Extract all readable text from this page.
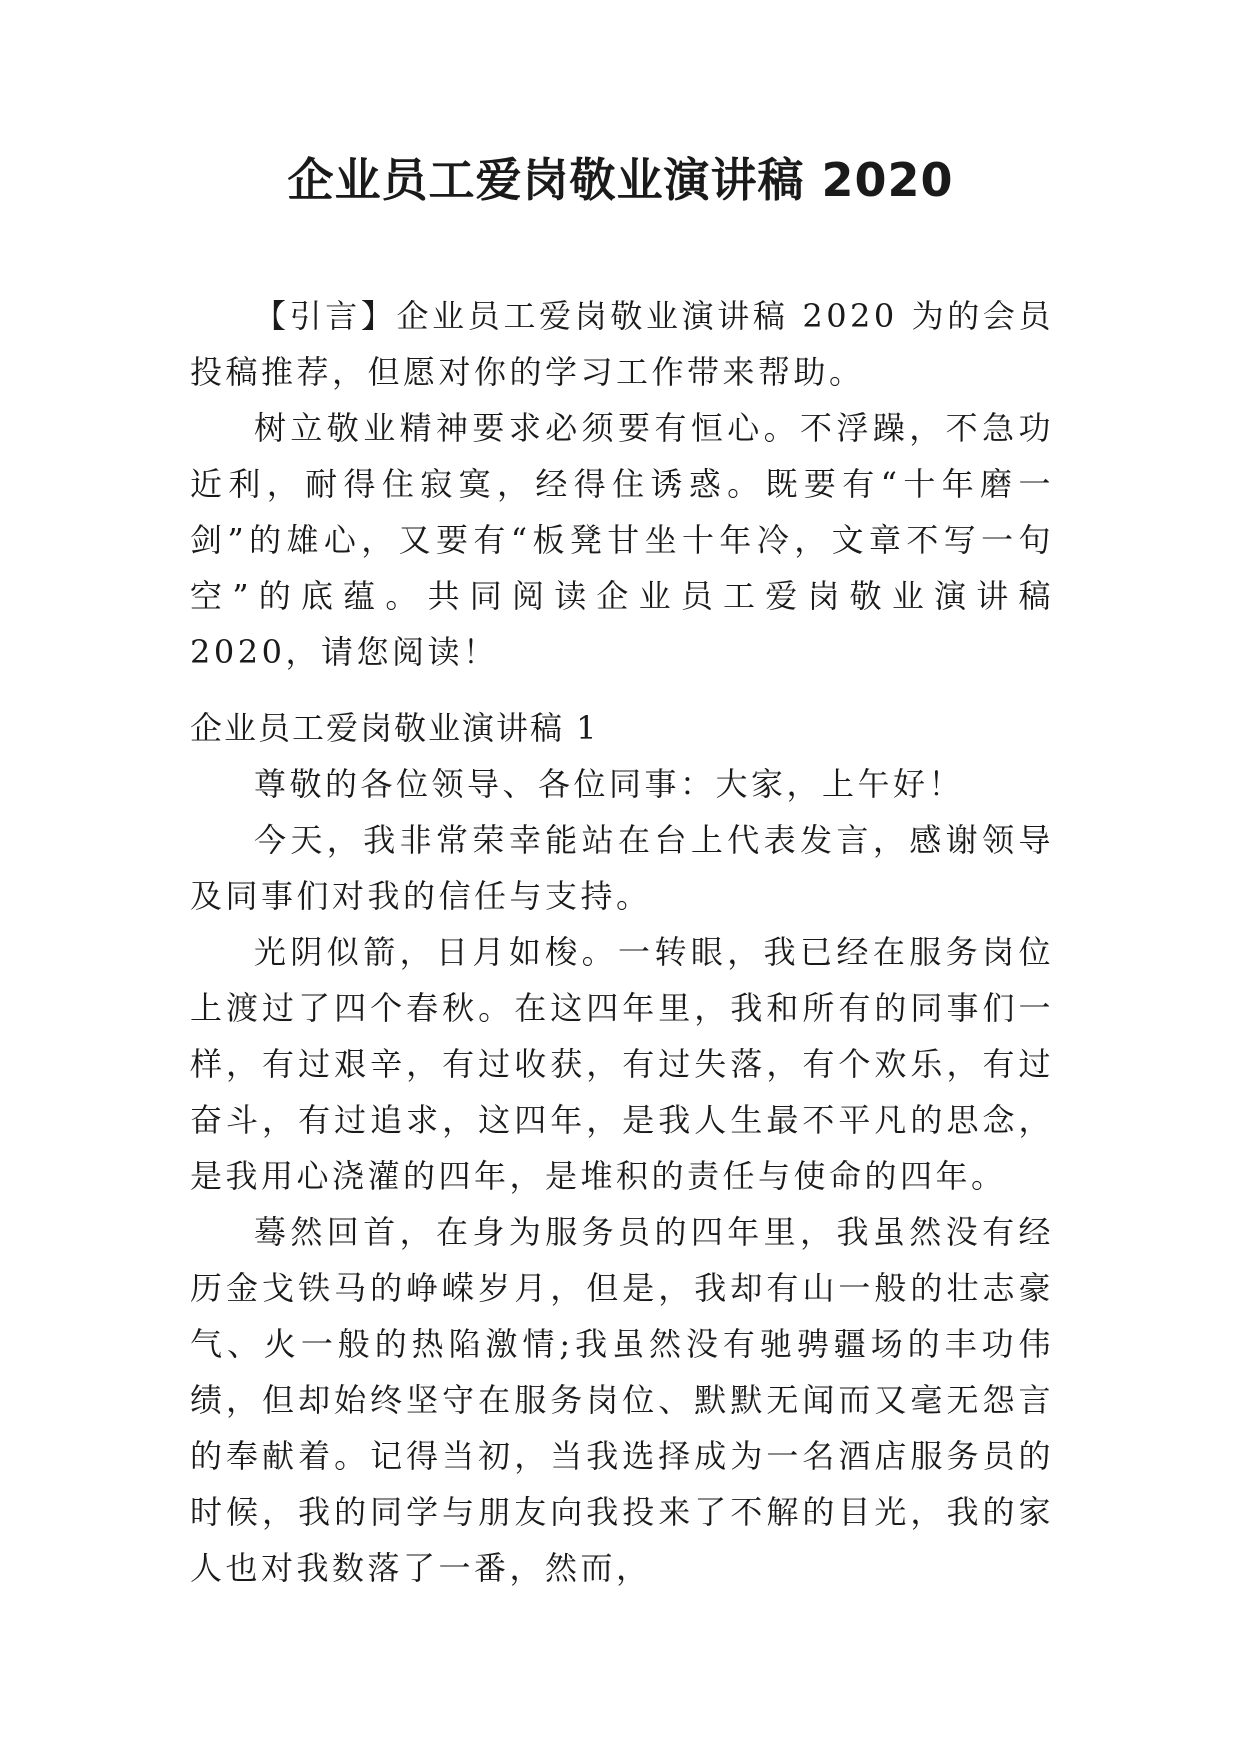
企业员工爱岗敬业演讲稿 2020

【引言】企业员工爱岗敬业演讲稿 2020 为的会员投稿推荐，但愿对你的学习工作带来帮助。

树立敬业精神要求必须要有恒心。不浮躁，不急功近利，耐得住寂寞，经得住诱惑。既要有“十年磨一剑”的雄心，又要有“板凳甘坐十年冷，文章不写一句空”的底蕴。共同阅读企业员工爱岗敬业演讲稿 2020，请您阅读！

企业员工爱岗敬业演讲稿 1

尊敬的各位领导、各位同事：大家，上午好！

今天，我非常荣幸能站在台上代表发言，感谢领导及同事们对我的信任与支持。

光阴似箭，日月如梭。一转眼，我已经在服务岗位上渡过了四个春秋。在这四年里，我和所有的同事们一样，有过艰辛，有过收获，有过失落，有个欢乐，有过奋斗，有过追求，这四年，是我人生最不平凡的思念，是我用心浇灌的四年，是堆积的责任与使命的四年。

蓦然回首，在身为服务员的四年里，我虽然没有经历金戈铁马的峥嵘岁月，但是，我却有山一般的壮志豪气、火一般的热陷激情;我虽然没有驰骋疆场的丰功伟绩，但却始终坚守在服务岗位、默默无闻而又毫无怨言的奉献着。记得当初，当我选择成为一名酒店服务员的时候，我的同学与朋友向我投来了不解的目光，我的家人也对我数落了一番，然而，
